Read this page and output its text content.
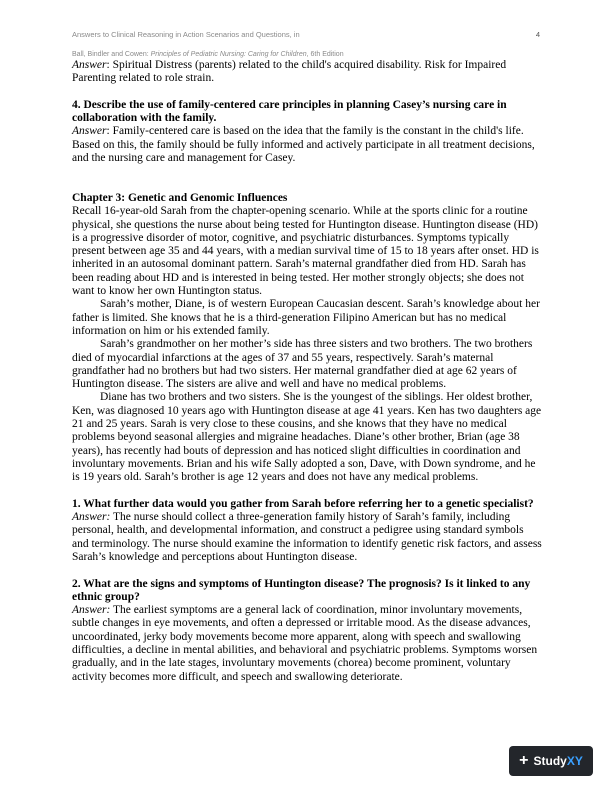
Answers to Clinical Reasoning in Action Scenarios and Questions, in	4
Ball, Bindler and Cowen: Principles of Pediatric Nursing: Caring for Children, 6th Edition

Answer: Spiritual Distress (parents) related to the child's acquired disability. Risk for Impaired Parenting related to role strain.

4. Describe the use of family-centered care principles in planning Casey’s nursing care in collaboration with the family.

Answer: Family-centered care is based on the idea that the family is the constant in the child's life. Based on this, the family should be fully informed and actively participate in all treatment decisions, and the nursing care and management for Casey.

Chapter 3: Genetic and Genomic Influences

Recall 16-year-old Sarah from the chapter-opening scenario. While at the sports clinic for a routine physical, she questions the nurse about being tested for Huntington disease. Huntington disease (HD) is a progressive disorder of motor, cognitive, and psychiatric disturbances. Symptoms typically present between age 35 and 44 years, with a median survival time of 15 to 18 years after onset. HD is inherited in an autosomal dominant pattern. Sarah’s maternal grandfather died from HD. Sarah has been reading about HD and is interested in being tested. Her mother strongly objects; she does not want to know her own Huntington status.

Sarah’s mother, Diane, is of western European Caucasian descent. Sarah’s knowledge about her father is limited. She knows that he is a third-generation Filipino American but has no medical information on him or his extended family.

Sarah’s grandmother on her mother’s side has three sisters and two brothers. The two brothers died of myocardial infarctions at the ages of 37 and 55 years, respectively. Sarah’s maternal grandfather had no brothers but had two sisters. Her maternal grandfather died at age 62 years of Huntington disease. The sisters are alive and well and have no medical problems.

Diane has two brothers and two sisters. She is the youngest of the siblings. Her oldest brother, Ken, was diagnosed 10 years ago with Huntington disease at age 41 years. Ken has two daughters age 21 and 25 years. Sarah is very close to these cousins, and she knows that they have no medical problems beyond seasonal allergies and migraine headaches. Diane’s other brother, Brian (age 38 years), has recently had bouts of depression and has noticed slight difficulties in coordination and involuntary movements. Brian and his wife Sally adopted a son, Dave, with Down syndrome, and he is 19 years old. Sarah’s brother is age 12 years and does not have any medical problems.

1. What further data would you gather from Sarah before referring her to a genetic specialist?

Answer: The nurse should collect a three-generation family history of Sarah’s family, including personal, health, and developmental information, and construct a pedigree using standard symbols and terminology. The nurse should examine the information to identify genetic risk factors, and assess Sarah’s knowledge and perceptions about Huntington disease.

2. What are the signs and symptoms of Huntington disease? The prognosis? Is it linked to any ethnic group?

Answer: The earliest symptoms are a general lack of coordination, minor involuntary movements, subtle changes in eye movements, and often a depressed or irritable mood. As the disease advances, uncoordinated, jerky body movements become more apparent, along with speech and swallowing difficulties, a decline in mental abilities, and behavioral and psychiatric problems. Symptoms worsen gradually, and in the late stages, involuntary movements (chorea) become prominent, voluntary activity becomes more difficult, and speech and swallowing deteriorate.

+ Study XY
